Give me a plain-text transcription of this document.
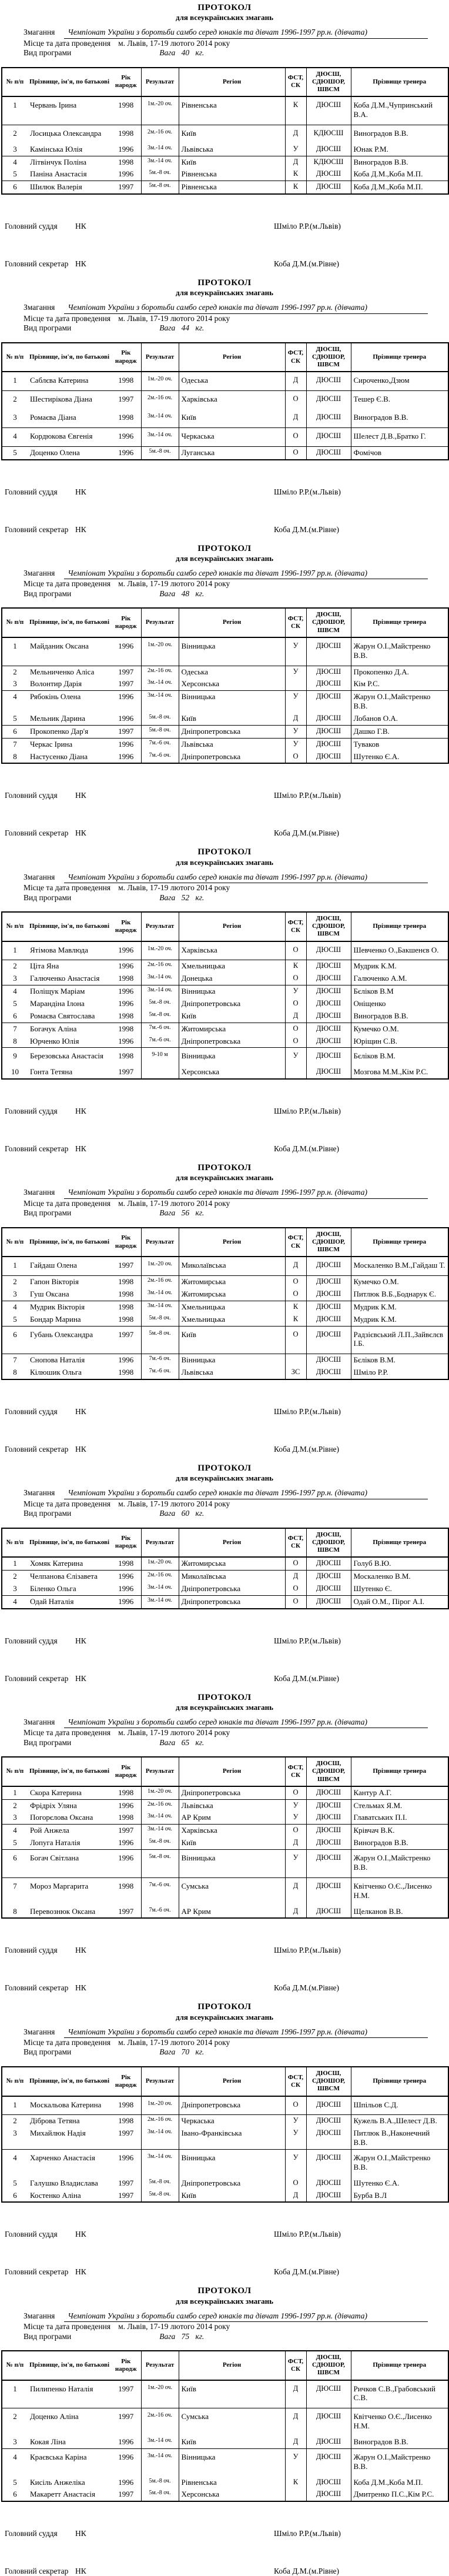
ПРОТОКОЛ
для всеукраїнських змагань
Змагання	Чемпіонат України з боротьби самбо серед юнаків та дівчат 1996-1997 рр.н. (дівчата)
Місце та дата проведення м. Львів, 17-19 лютого 2014 року
Вид програми	Вага 40 кг.
№ п/п	Прізвище, ім'я, по батькові	Рік народж	Результат	Регіон	ФСТ, СК	ДЮСШ, СДЮШОР, ШВСМ	Прізвище тренера
1	Червань Ірина	1998	1м.-20 оч.	Рівненська	К	ДЮСШ	Коба Д.М.,Чупринський В.А.
2	Лосицька Олександра	1998	2м.-16 оч.	Київ	Д	КДЮСШ	Виноградов В.В.
3	Камінська Юлія	1996	3м.-14 оч.	Львівська	У	ДЮСШ	Юнак Р.М.
4	Літвінчук Поліна	1998	3м.-14 оч.	Київ	Д	КДЮСШ	Виноградов В.В.
5	Паніна Анастасія	1996	5м.-8 оч.	Рівненська	К	ДЮСШ	Коба Д.М.,Коба М.П.
6	Шилюк Валерія	1997	5м.-8 оч.	Рівненська	К	ДЮСШ	Коба Д.М.,Коба М.П.
Головний суддя	НК	Шміло Р.Р.(м.Львів)
Головний секретар НК	Коба Д.М.(м.Рівне)
ПРОТОКОЛ
для всеукраїнських змагань
Змагання	Чемпіонат України з боротьби самбо серед юнаків та дівчат 1996-1997 рр.н. (дівчата)
Місце та дата проведення м. Львів, 17-19 лютого 2014 року
Вид програми	Вага 44 кг.
№ п/п	Прізвище, ім'я, по батькові	Рік народж	Результат	Регіон	ФСТ, СК	ДЮСШ, СДЮШОР, ШВСМ	Прізвище тренера
1	Саблєва Катерина	1998	1м.-20 оч.	Одеська	Д	ДЮСШ	Сироченко,Дзюм
2	Шестирікова Діана	1997	2м.-16 оч.	Харківська	О	ДЮСШ	Тешер Є.В.
3	Ромаєва Діана	1998	3м.-14 оч.	Київ	Д	ДЮСШ	Виноградов В.В.
4	Кордюкова Євгенія	1996	3м.-14 оч.	Черкаська	О	ДЮСШ	Шелест Д.В.,Братко Г.
5	Доценко Олена	1996	5м.-8 оч.	Луганська	О	ДЮСШ	Фомічов
Головний суддя	НК	Шміло Р.Р.(м.Львів)
Головний секретар НК	Коба Д.М.(м.Рівне)
ПРОТОКОЛ
для всеукраїнських змагань
Змагання	Чемпіонат України з боротьби самбо серед юнаків та дівчат 1996-1997 рр.н. (дівчата)
Місце та дата проведення м. Львів, 17-19 лютого 2014 року
Вид програми	Вага 48 кг.
№ п/п	Прізвище, ім'я, по батькові	Рік народж	Результат	Регіон	ФСТ, СК	ДЮСШ, СДЮШОР, ШВСМ	Прізвище тренера
1	Майданик Оксана	1996	1м.-20 оч.	Вінницька	У	ДЮСШ	Жарун О.І.,Майстренко В.В.
2	Мельниченко Аліса	1997	2м.-16 оч.	Одеська	У	ДЮСШ	Прокопенко Д.А.
3	Волонтир Дарія	1997	3м.-14 оч.	Херсонська		ДЮСШ	Кім Р.С.
4	Рябокінь Олена	1996	3м.-14 оч.	Вінницька	У	ДЮСШ	Жарун О.І.,Майстренко В.В.
5	Мельник Дарина	1996	5м.-8 оч.	Київ	Д	ДЮСШ	Лобанов О.А.
6	Прокопенко Дар'я	1997	5м.-8 оч.	Дніпропетровська	У	ДЮСШ	Дашко Г.В.
7	Черкас Ірина	1996	7м.-6 оч.	Львівська	У	ДЮСШ	Туваков
8	Настусенко Діана	1996	7м.-6 оч.	Дніпропетровська	О	ДЮСШ	Шутенко Є.А.
Головний суддя	НК	Шміло Р.Р.(м.Львів)
Головний секретар НК	Коба Д.М.(м.Рівне)
ПРОТОКОЛ
для всеукраїнських змагань
Змагання	Чемпіонат України з боротьби самбо серед юнаків та дівчат 1996-1997 рр.н. (дівчата)
Місце та дата проведення м. Львів, 17-19 лютого 2014 року
Вид програми	Вага 52 кг.
№ п/п	Прізвище, ім'я, по батькові	Рік народж	Результат	Регіон	ФСТ, СК	ДЮСШ, СДЮШОР, ШВСМ	Прізвище тренера
1	Ятімова Мавлюда	1996	1м.-20 оч.	Харківська	О	ДЮСШ	Шевченко О.,Бакшенєв О.
2	Ціта Яна	1996	2м.-16 оч.	Хмельницька	К	ДЮСШ	Мудрик К.М.
3	Галюченко Анастасія	1998	3м.-14 оч.	Донецька	О	ДЮСШ	Галюченко А.М.
4	Поліщук Маріам	1996	3м.-14 оч.	Вінницька	У	ДЮСШ	Бєліков В.М
5	Марандіна Ілона	1996	5м.-8 оч.	Дніпропетровська	О	ДЮСШ	Оніщенко
6	Ромаєва Святослава	1998	5м.-8 оч.	Київ	Д	ДЮСШ	Виноградов В.В.
7	Богачук Аліна	1998	7м.-6 оч.	Житомирська	О	ДЮСШ	Кумечко О.М.
8	Юрченко Юлія	1996	7м.-6 оч.	Дніпропетровська	О	ДЮСШ	Юріщин С.В.
9	Березовська Анастасія	1998	9-10 м	Вінницька	У	ДЮСШ	Бєліков В.М.
10	Гонта Тетяна	1997		Херсонська		ДЮСШ	Мозгова М.М.,Кім Р.С.
Головний суддя	НК	Шміло Р.Р.(м.Львів)
Головний секретар НК	Коба Д.М.(м.Рівне)
ПРОТОКОЛ
для всеукраїнських змагань
Змагання	Чемпіонат України з боротьби самбо серед юнаків та дівчат 1996-1997 рр.н. (дівчата)
Місце та дата проведення м. Львів, 17-19 лютого 2014 року
Вид програми	Вага 56 кг.
№ п/п	Прізвище, ім'я, по батькові	Рік народж	Результат	Регіон	ФСТ, СК	ДЮСШ, СДЮШОР, ШВСМ	Прізвище тренера
1	Гайдаш Олена	1997	1м.-20 оч.	Миколаївська	Д	ДЮСШ	Москаленко В.М.,Гайдаш Т.
2	Гапон Вікторія	1998	2м.-16 оч.	Житомирська	О	ДЮСШ	Кумечко О.М.
3	Гуш Оксана	1998	3м.-14 оч.	Житомирська	О	ДЮСШ	Питлюк В.Б.,Боднарук Є.
4	Мудрик Вікторія	1998	3м.-14 оч.	Хмельницька	К	ДЮСШ	Мудрик К.М.
5	Бондар Марина	1998	5м.-8 оч.	Хмельницька	К	ДЮСШ	Мудрик К.М.
6	Губань Олександра	1997	5м.-8 оч.	Київ	О	ДЮСШ	Радзієвський Л.П.,Зайвєлєв І.Б.
7	Снопова Наталія	1996	7м.-6 оч.	Вінницька		ДЮСШ	Бєліков В.М.
8	Кілюшик Ольга	1998	7м.-6 оч.	Львівська	ЗС	ДЮСШ	Шміло Р.Р.
Головний суддя	НК	Шміло Р.Р.(м.Львів)
Головний секретар НК	Коба Д.М.(м.Рівне)
ПРОТОКОЛ
для всеукраїнських змагань
Змагання	Чемпіонат України з боротьби самбо серед юнаків та дівчат 1996-1997 рр.н. (дівчата)
Місце та дата проведення м. Львів, 17-19 лютого 2014 року
Вид програми	Вага 60 кг.
№ п/п	Прізвище, ім'я, по батькові	Рік народж	Результат	Регіон	ФСТ, СК	ДЮСШ, СДЮШОР, ШВСМ	Прізвище тренера
1	Хомяк Катерина	1998	1м.-20 оч.	Житомирська	О	ДЮСШ	Голуб В.Ю.
2	Челпанова Єлізавета	1996	2м.-16 оч.	Миколаївська	Д	ДЮСШ	Москаленко В.М.
3	Біленко Ольга	1996	3м.-14 оч.	Дніпропетровська	О	ДЮСШ	Шутенко Є.
4	Одай Наталія	1996	3м.-14 оч.	Дніпропетровська	О	ДЮСШ	Одай О.М., Пірог А.І.
Головний суддя	НК	Шміло Р.Р.(м.Львів)
Головний секретар НК	Коба Д.М.(м.Рівне)
ПРОТОКОЛ
для всеукраїнських змагань
Змагання	Чемпіонат України з боротьби самбо серед юнаків та дівчат 1996-1997 рр.н. (дівчата)
Місце та дата проведення м. Львів, 17-19 лютого 2014 року
Вид програми	Вага 65 кг.
№ п/п	Прізвище, ім'я, по батькові	Рік народж	Результат	Регіон	ФСТ, СК	ДЮСШ, СДЮШОР, ШВСМ	Прізвище тренера
1	Скора Катерина	1998	1м.-20 оч.	Дніпропетровська	О	ДЮСШ	Кантур А.Г.
2	Фрідріх Уляна	1996	2м.-16 оч.	Львівська	У	ДЮСШ	Стельмах Я.М.
3	Погорєлова Оксана	1998	3м.-14 оч.	АР Крим	У	ДЮСШ	Главатських П.І.
4	Рой Анжела	1997	3м.-14 оч.	Харківська	О	ДЮСШ	Крівчач В.К.
5	Лопуга Наталія	1996	5м.-8 оч.	Київ	Д	ДЮСШ	Виноградов В.В.
6	Богач Світлана	1996	5м.-8 оч.	Вінницька	У	ДЮСШ	Жарун О.І.,Майстренко В.В.
7	Мороз Маргарита	1998	7м.-6 оч.	Сумська	Д	ДЮСШ	Квітченко О.Є.,Лисенко Н.М.
8	Перевознюк Оксана	1997	7м.-6 оч.	АР Крим	Д	ДЮСШ	Щелканов В.В.
Головний суддя	НК	Шміло Р.Р.(м.Львів)
Головний секретар НК	Коба Д.М.(м.Рівне)
ПРОТОКОЛ
для всеукраїнських змагань
Змагання	Чемпіонат України з боротьби самбо серед юнаків та дівчат 1996-1997 рр.н. (дівчата)
Місце та дата проведення м. Львів, 17-19 лютого 2014 року
Вид програми	Вага 70 кг.
№ п/п	Прізвище, ім'я, по батькові	Рік народж	Результат	Регіон	ФСТ, СК	ДЮСШ, СДЮШОР, ШВСМ	Прізвище тренера
1	Москальова Катерина	1998	1м.-20 оч.	Дніпропетровська	О	ДЮСШ	Шпільов С.Д.
2	Діброва Тетяна	1998	2м.-16 оч.	Черкаська	У	ДЮСШ	Кужель В.А.,Шелест Д.В.
3	Михайлюк Надія	1997	3м.-14 оч.	Івано-Франківська	У	ДЮСШ	Питлюк В.,Наконечний В.В.
4	Харченко Анастасія	1996	3м.-14 оч.	Вінницька	У	ДЮСШ	Жарун О.І.,Майстренко В.В.
5	Галушко Владислава	1997	5м.-8 оч.	Дніпропетровська	О	ДЮСШ	Шутенко Є.А.
6	Костенко Аліна	1997	5м.-8 оч.	Київ	Д	ДЮСШ	Бурба В.Л
Головний суддя	НК	Шміло Р.Р.(м.Львів)
Головний секретар НК	Коба Д.М.(м.Рівне)
ПРОТОКОЛ
для всеукраїнських змагань
Змагання	Чемпіонат України з боротьби самбо серед юнаків та дівчат 1996-1997 рр.н. (дівчата)
Місце та дата проведення м. Львів, 17-19 лютого 2014 року
Вид програми	Вага 75 кг.
№ п/п	Прізвище, ім'я, по батькові	Рік народж	Результат	Регіон	ФСТ, СК	ДЮСШ, СДЮШОР, ШВСМ	Прізвище тренера
1	Пилипенко Наталія	1997	1м.-20 оч.	Київ	Д	ДЮСШ	Ричков С.В.,Грабовський С.В.
2	Доценко Аліна	1997	2м.-16 оч.	Сумська	Д	ДЮСШ	Квітченко О.Є.,Лисенко Н.М.
3	Кокая Ліна	1996	3м.-14 оч.	Київ	Д	ДЮСШ	Виноградов В.В.
4	Краєвська Каріна	1996	3м.-14 оч.	Вінницька	У	ДЮСШ	Жарун О.І.,Майстренко В.В.
5	Кисіль Анжеліка	1996	5м.-8 оч.	Рівненська	К	ДЮСШ	Коба Д.М.,Коба М.П.
6	Макаретт Анастасія	1997	5м.-8 оч.	Херсонська		ДЮСШ	Дмитренко П.С.,Кім Р.С.
Головний суддя	НК	Шміло Р.Р.(м.Львів)
Головний секретар НК	Коба Д.М.(м.Рівне)
